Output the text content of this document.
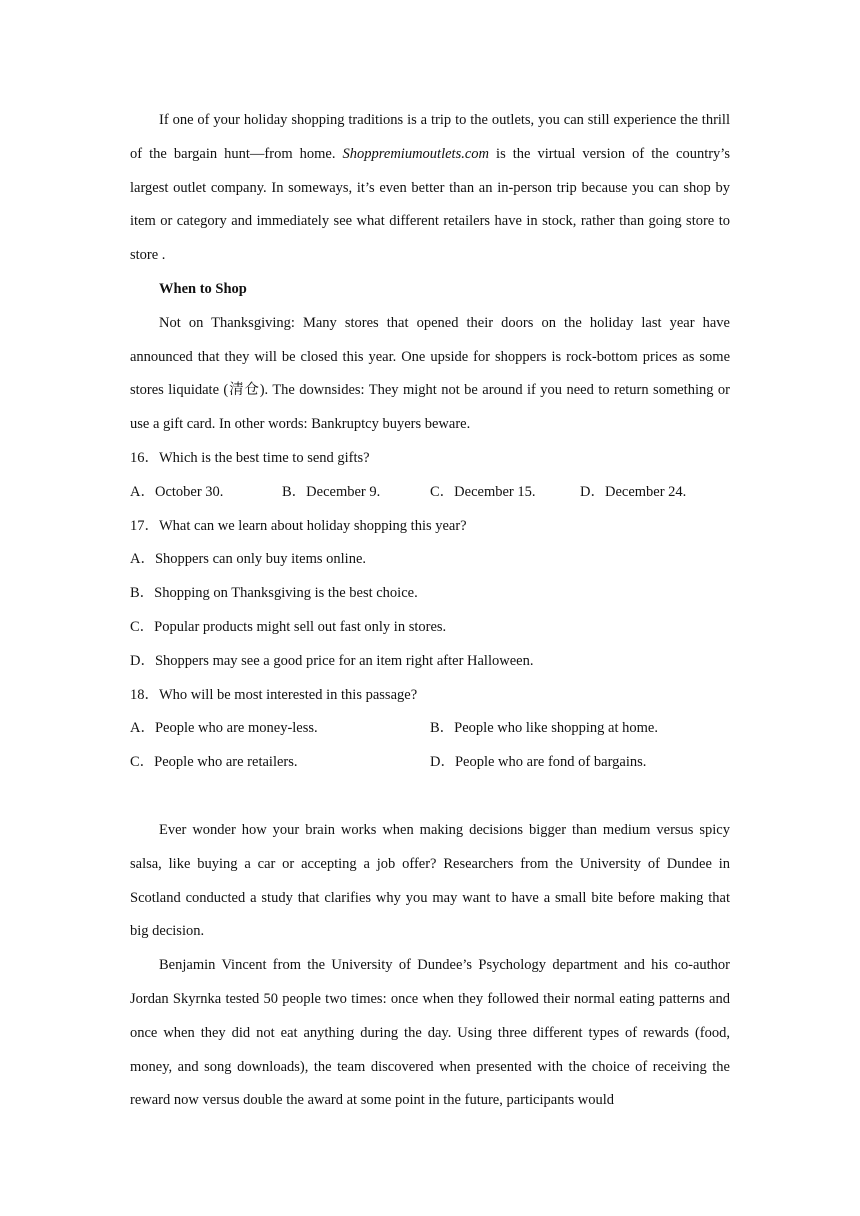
If one of your holiday shopping traditions is a trip to the outlets, you can still experience the thrill of the bargain hunt—from home. Shoppremiumoutlets.com is the virtual version of the country’s largest outlet company. In someways, it’s even better than an in-person trip because you can shop by item or category and immediately see what different retailers have in stock, rather than going store to store .

When to Shop

Not on Thanksgiving: Many stores that opened their doors on the holiday last year have announced that they will be closed this year. One upside for shoppers is rock-bottom prices as some stores liquidate (清仓). The downsides: They might not be around if you need to return something or use a gift card. In other words: Bankruptcy buyers beware.

16．Which is the best time to send gifts?

A．October 30.	B．December 9.	C．December 15.	D．December 24.

17．What can we learn about holiday shopping this year?

A．Shoppers can only buy items online.

B．Shopping on Thanksgiving is the best choice.

C．Popular products might sell out fast only in stores.

D．Shoppers may see a good price for an item right after Halloween.

18．Who will be most interested in this passage?

A．People who are money-less.	B．People who like shopping at home.
C．People who are retailers.	D．People who are fond of bargains.

Ever wonder how your brain works when making decisions bigger than medium versus spicy salsa, like buying a car or accepting a job offer? Researchers from the University of Dundee in Scotland conducted a study that clarifies why you may want to have a small bite before making that big decision.

Benjamin Vincent from the University of Dundee’s Psychology department and his co-author Jordan Skyrnka tested 50 people two times: once when they followed their normal eating patterns and once when they did not eat anything during the day. Using three different types of rewards (food, money, and song downloads), the team discovered when presented with the choice of receiving the reward now versus double the award at some point in the future, participants would
